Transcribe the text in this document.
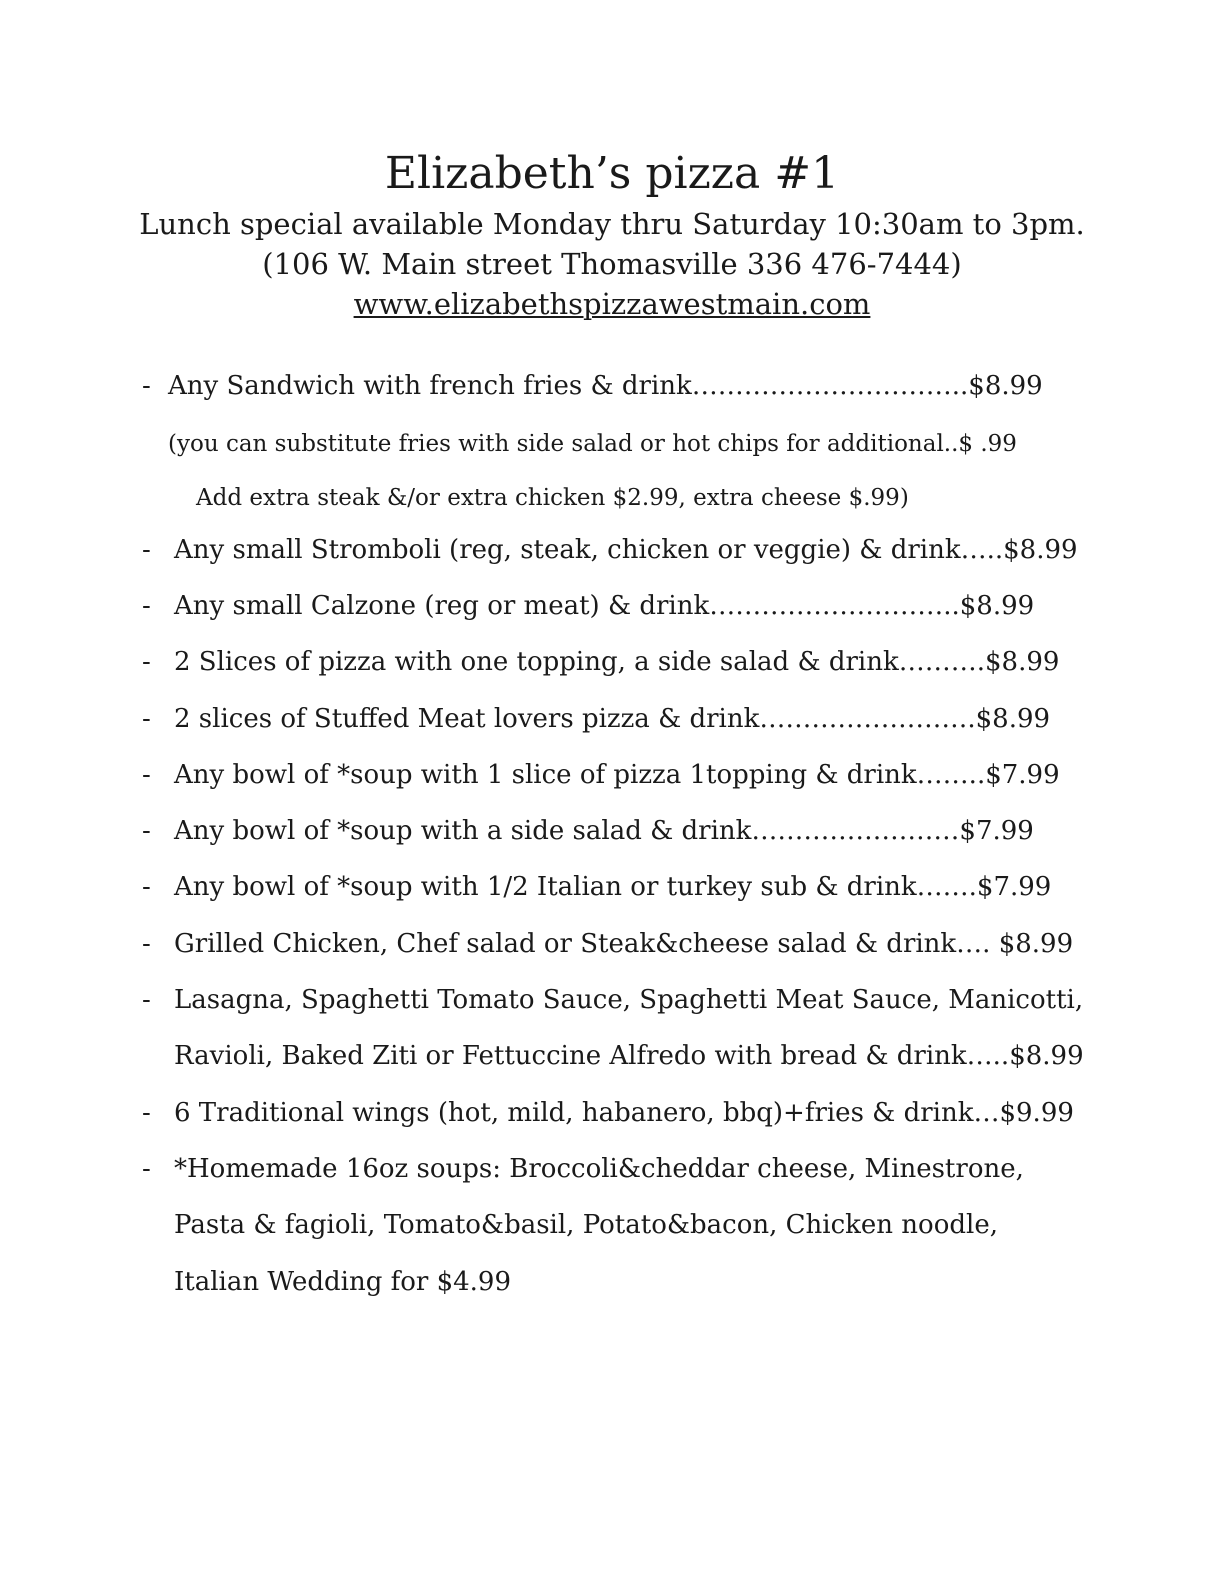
Elizabeth’s pizza #1
Lunch special available Monday thru Saturday 10:30am to 3pm.
(106 W. Main street Thomasville 336 476-7444)
www.elizabethspizzawestmain.com
-
-
-
-
-
-
-
-
-
-
-
-
Any Sandwich with french fries & drink…………………………..$8.99
(you can substitute fries with side salad or hot chips for additional..$ .99
Add extra steak &/or extra chicken $2.99, extra cheese $.99)
Any small Stromboli (reg, steak, chicken or veggie) & drink…..$8.99
Any small Calzone (reg or meat) & drink………………………..$8.99
2 Slices of pizza with one topping, a side salad & drink……….$8.99
2 slices of Stuffed Meat lovers pizza & drink…………………….$8.99
Any bowl of *soup with 1 slice of pizza 1topping & drink……..$7.99
Any bowl of *soup with a side salad & drink……………………$7.99
Any bowl of *soup with 1/2 Italian or turkey sub & drink…….$7.99
Grilled Chicken, Chef salad or Steak&cheese salad & drink…. $8.99
Lasagna, Spaghetti Tomato Sauce, Spaghetti Meat Sauce, Manicotti,
Ravioli, Baked Ziti or Fettuccine Alfredo with bread & drink…..$8.99
6 Traditional wings (hot, mild, habanero, bbq)+fries & drink…$9.99
*Homemade 16oz soups: Broccoli&cheddar cheese, Minestrone,
Pasta & fagioli, Tomato&basil, Potato&bacon, Chicken noodle,
Italian Wedding for $4.99
